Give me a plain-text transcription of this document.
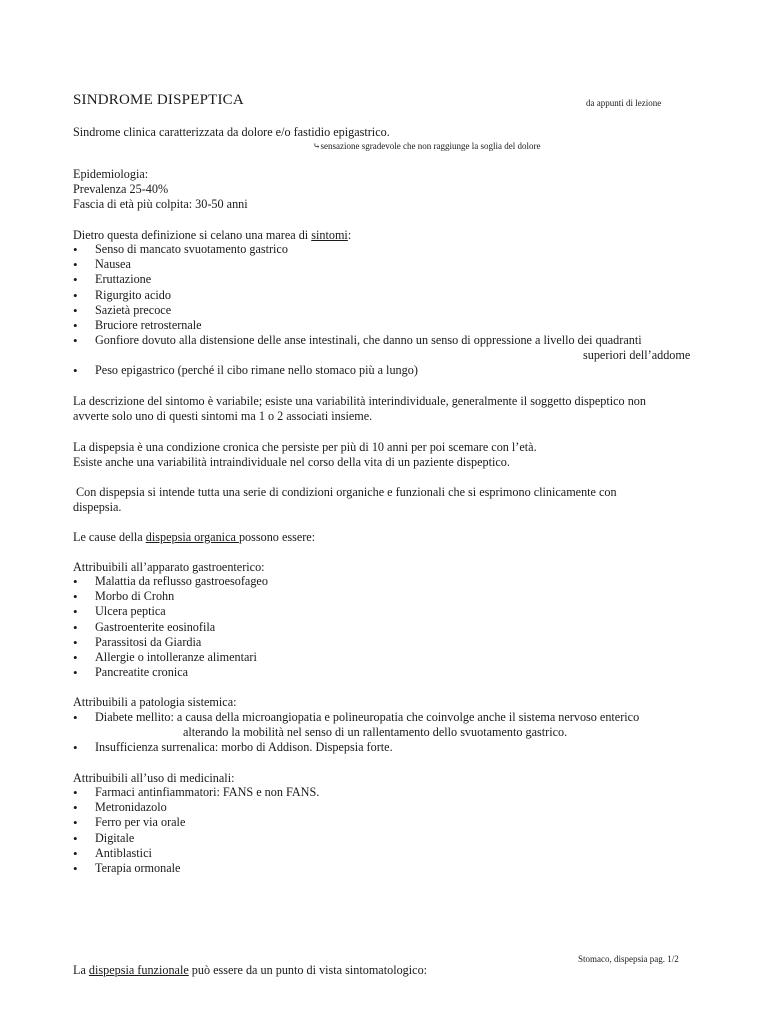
SINDROME DISPEPTICA	da appunti di lezione
Sindrome clinica caratterizzata da dolore e/o fastidio epigastrico.
⤷sensazione sgradevole che non raggiunge la soglia del dolore
Epidemiologia:
Prevalenza 25-40%
Fascia di età più colpita: 30-50 anni
Dietro questa definizione si celano una marea di sintomi:
• Senso di mancato svuotamento gastrico
• Nausea
• Eruttazione
• Rigurgito acido
• Sazietà precoce
• Bruciore retrosternale
• Gonfiore dovuto alla distensione delle anse intestinali, che danno un senso di oppressione a livello dei quadranti
superiori dell’addome
• Peso epigastrico (perché il cibo rimane nello stomaco più a lungo)
La descrizione del sintomo è variabile; esiste una variabilità interindividuale, generalmente il soggetto dispeptico non
avverte solo uno di questi sintomi ma 1 o 2 associati insieme.
La dispepsia è una condizione cronica che persiste per più di 10 anni per poi scemare con l’età.
Esiste anche una variabilità intraindividuale nel corso della vita di un paziente dispeptico.
Con dispepsia si intende tutta una serie di condizioni organiche e funzionali che si esprimono clinicamente con
dispepsia.
Le cause della dispepsia organica possono essere:
Attribuibili all’apparato gastroenterico:
• Malattia da reflusso gastroesofageo
• Morbo di Crohn
• Ulcera peptica
• Gastroenterite eosinofila
• Parassitosi da Giardia
• Allergie o intolleranze alimentari
• Pancreatite cronica
Attribuibili a patologia sistemica:
• Diabete mellito: a causa della microangiopatia e polineuropatia che coinvolge anche il sistema nervoso enterico
alterando la mobilità nel senso di un rallentamento dello svuotamento gastrico.
• Insufficienza surrenalica: morbo di Addison. Dispepsia forte.
Attribuibili all’uso di medicinali:
• Farmaci antinfiammatori: FANS e non FANS.
• Metronidazolo
• Ferro per via orale
• Digitale
• Antiblastici
• Terapia ormonale
Stomaco, dispepsia pag. 1/2
La dispepsia funzionale può essere da un punto di vista sintomatologico:
